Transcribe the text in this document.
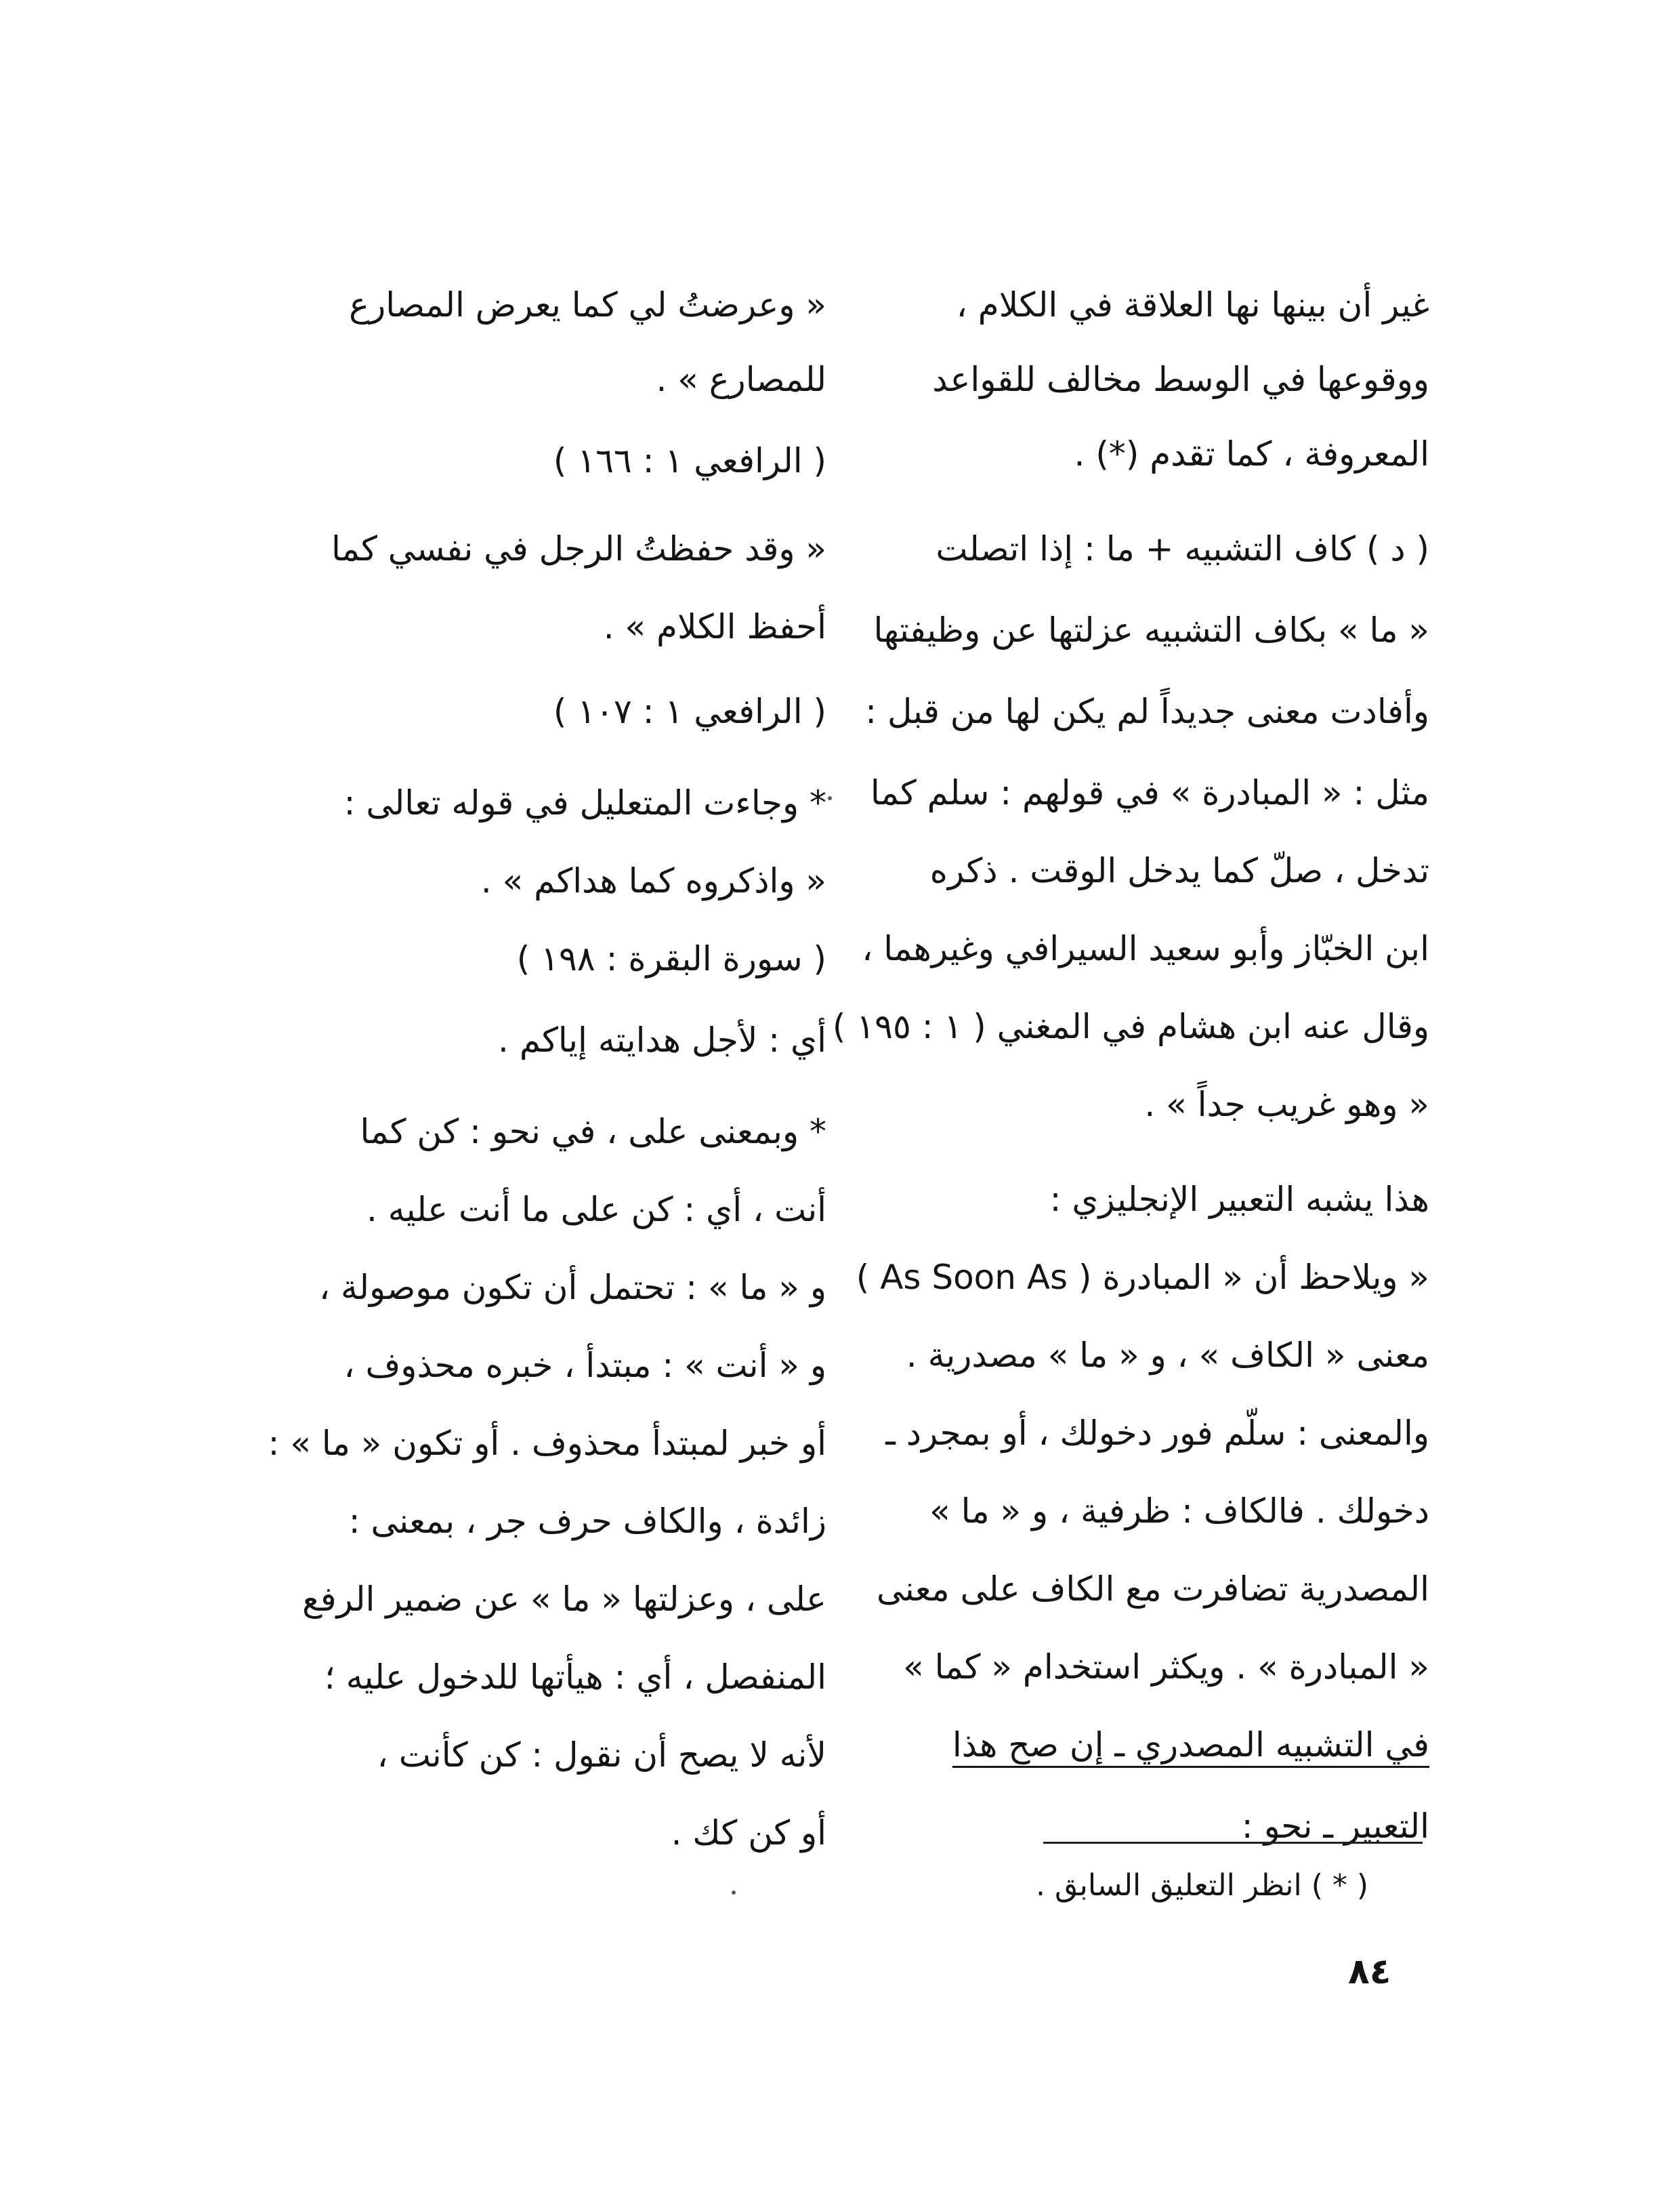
غير أن بينها نها العلاقة في الكلام ،
ووقوعها في الوسط مخالف للقواعد
المعروفة ، كما تقدم (*) .
( د ) كاف التشبيه + ما : إذا اتصلت
« ما » بكاف التشبيه عزلتها عن وظيفتها
وأفادت معنى جديداً لم يكن لها من قبل :
مثل : « المبادرة » في قولهم : سلم كما
تدخل ، صلّ كما يدخل الوقت . ذكره
ابن الخبّاز وأبو سعيد السيرافي وغيرهما ،
وقال عنه ابن هشام في المغني ( ١ : ١٩٥ )
« وهو غريب جداً » .
هذا يشبه التعبير الإنجليزي :
( As Soon As ) ويلاحظ أن « المبادرة »
معنى « الكاف » ، و « ما » مصدرية .
والمعنى : سلّم فور دخولك ، أو بمجرد ـ
دخولك . فالكاف : ظرفية ، و « ما »
المصدرية تضافرت مع الكاف على معنى
« المبادرة » . ويكثر استخدام « كما »
في التشبيه المصدري ـ إن صح هذا
التعبير ـ نحو :
« وعرضتُ لي كما يعرض المصارع
للمصارع » .
( الرافعي ١ : ١٦٦ )
« وقد حفظتُ الرجل في نفسي كما
أحفظ الكلام » .
( الرافعي ١ : ١٠٧ )
* وجاءت المتعليل في قوله تعالى :
« واذكروه كما هداكم » .
( سورة البقرة : ١٩٨ )
أي : لأجل هدايته إياكم .
* وبمعنى على ، في نحو : كن كما
أنت ، أي : كن على ما أنت عليه .
و « ما » : تحتمل أن تكون موصولة ،
و « أنت » : مبتدأ ، خبره محذوف ،
أو خبر لمبتدأ محذوف . أو تكون « ما » :
زائدة ، والكاف حرف جر ، بمعنى :
على ، وعزلتها « ما » عن ضمير الرفع
المنفصل ، أي : هيأتها للدخول عليه ؛
لأنه لا يصح أن نقول : كن كأنت ،
أو كن كك .
( * ) انظر التعليق السابق .
٨٤
